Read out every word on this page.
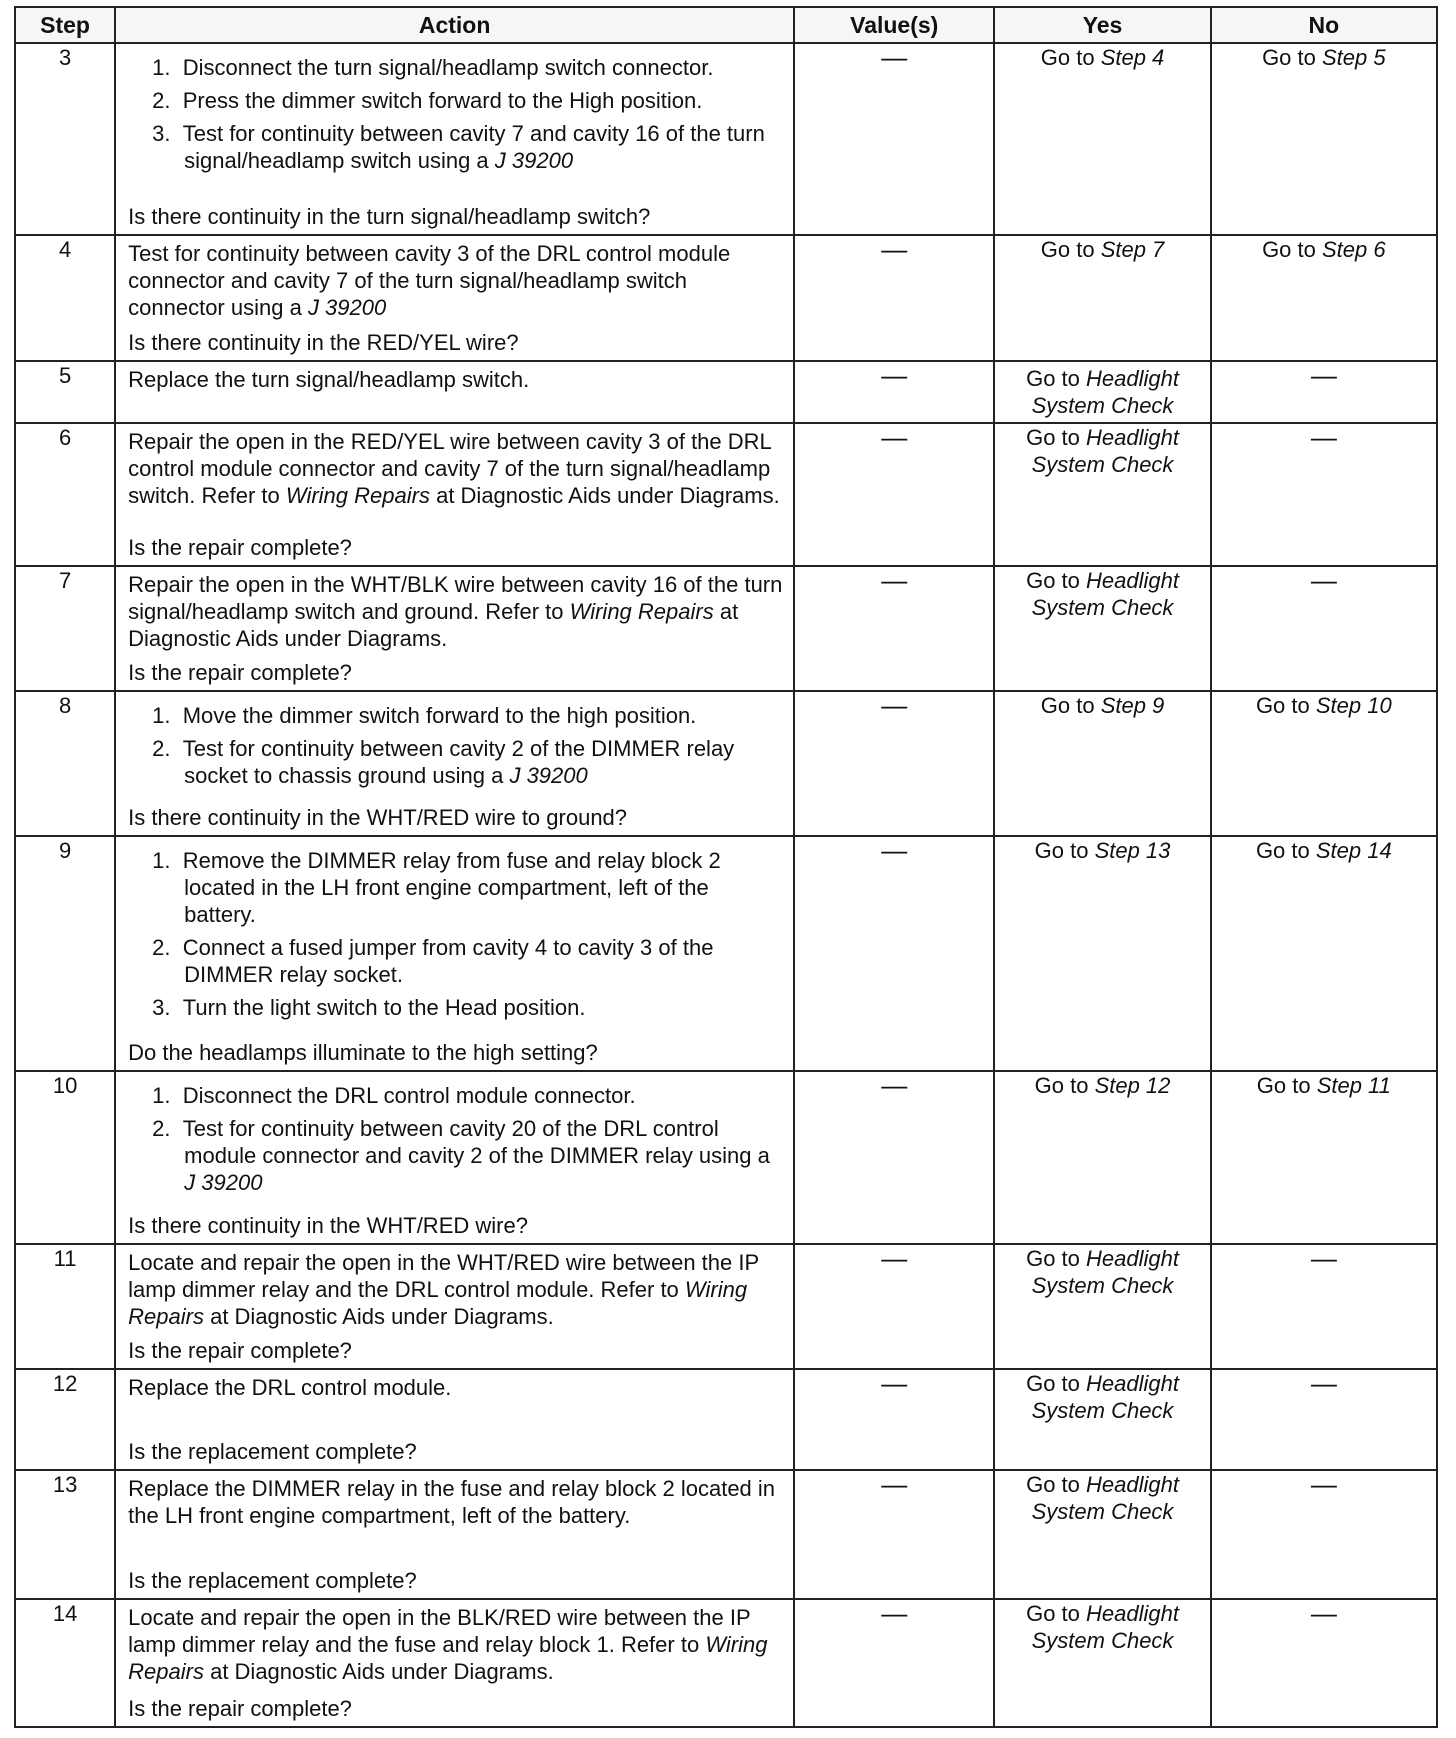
Step	Action	Value(s)	Yes	No
3	1. Disconnect the turn signal/headlamp switch connector.
2. Press the dimmer switch forward to the High position.
3. Test for continuity between cavity 7 and cavity 16 of the turn signal/headlamp switch using a J 39200
Is there continuity in the turn signal/headlamp switch?	—	Go to Step 4	Go to Step 5

4	Test for continuity between cavity 3 of the DRL control module connector and cavity 7 of the turn signal/headlamp switch connector using a J 39200
Is there continuity in the RED/YEL wire?	—	Go to Step 7	Go to Step 6

5	Replace the turn signal/headlamp switch.	—	Go to Headlight
System Check	—
6	Repair the open in the RED/YEL wire between cavity 3 of the DRL control module connector and cavity 7 of the turn signal/headlamp switch. Refer to Wiring Repairs at Diagnostic Aids under Diagrams.
Is the repair complete?	—	Go to Headlight
System Check	—
7	Repair the open in the WHT/BLK wire between cavity 16 of the turn signal/headlamp switch and ground. Refer to Wiring Repairs at Diagnostic Aids under Diagrams.
Is the repair complete?	—	Go to Headlight
System Check	—
8	1. Move the dimmer switch forward to the high position.
2. Test for continuity between cavity 2 of the DIMMER relay socket to chassis ground using a J 39200
Is there continuity in the WHT/RED wire to ground?	—	Go to Step 9	Go to Step 10

9	1. Remove the DIMMER relay from fuse and relay block 2 located in the LH front engine compartment, left of the battery.
2. Connect a fused jumper from cavity 4 to cavity 3 of the DIMMER relay socket.
3. Turn the light switch to the Head position.
Do the headlamps illuminate to the high setting?	—	Go to Step 13	Go to Step 14

10	1. Disconnect the DRL control module connector.
2. Test for continuity between cavity 20 of the DRL control module connector and cavity 2 of the DIMMER relay using a J 39200
Is there continuity in the WHT/RED wire?	—	Go to Step 12	Go to Step 11

11	Locate and repair the open in the WHT/RED wire between the IP lamp dimmer relay and the DRL control module. Refer to Wiring Repairs at Diagnostic Aids under Diagrams.
Is the repair complete?	—	Go to Headlight
System Check	—
12	Replace the DRL control module.
Is the replacement complete?	—	Go to Headlight
System Check	—
13	Replace the DIMMER relay in the fuse and relay block 2 located in the LH front engine compartment, left of the battery.
Is the replacement complete?	—	Go to Headlight
System Check	—
14	Locate and repair the open in the BLK/RED wire between the IP lamp dimmer relay and the fuse and relay block 1. Refer to Wiring Repairs at Diagnostic Aids under Diagrams.
Is the repair complete?	—	Go to Headlight
System Check	—
